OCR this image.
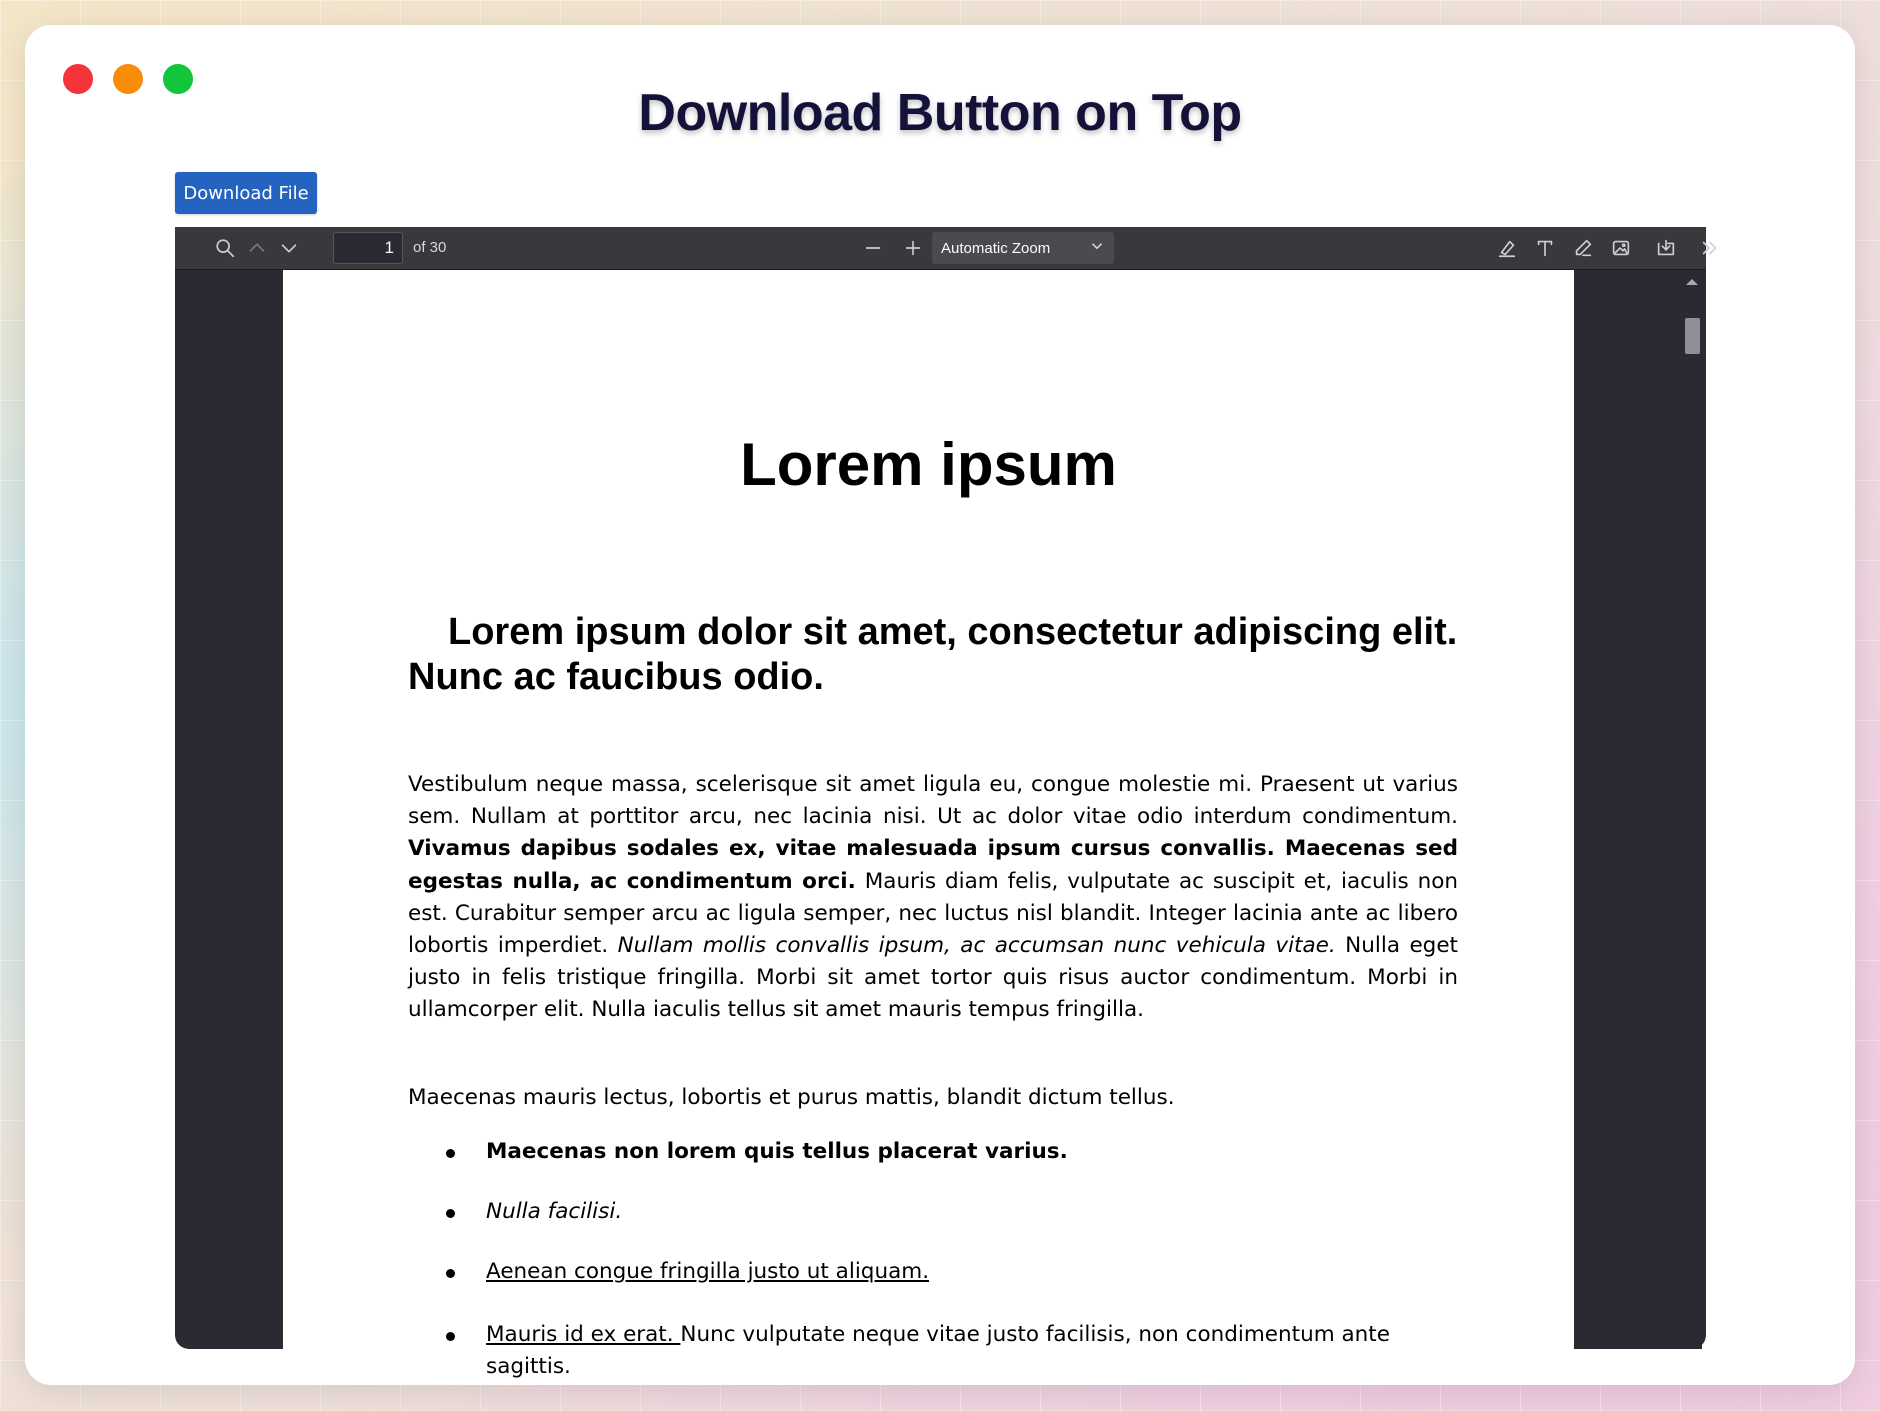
Download Button on Top
Download File
1
of 30	Automatic Zoom
Lorem ipsum
Lorem ipsum dolor sit amet, consectetur adipiscing elit. Nunc ac faucibus odio.
Vestibulum neque massa, scelerisque sit amet ligula eu, congue molestie mi. Praesent ut varius sem. Nullam at porttitor arcu, nec lacinia nisi. Ut ac dolor vitae odio interdum condimentum. Vivamus dapibus sodales ex, vitae malesuada ipsum cursus convallis. Maecenas sed egestas nulla, ac condimentum orci. Mauris diam felis, vulputate ac suscipit et, iaculis non est. Curabitur semper arcu ac ligula semper, nec luctus nisl blandit. Integer lacinia ante ac libero lobortis imperdiet. Nullam mollis convallis ipsum, ac accumsan nunc vehicula vitae. Nulla eget justo in felis tristique fringilla. Morbi sit amet tortor quis risus auctor condimentum. Morbi in ullamcorper elit. Nulla iaculis tellus sit amet mauris tempus fringilla.
Maecenas mauris lectus, lobortis et purus mattis, blandit dictum tellus.
Maecenas non lorem quis tellus placerat varius.
Nulla facilisi.
Aenean congue fringilla justo ut aliquam.
Mauris id ex erat. Nunc vulputate neque vitae justo facilisis, non condimentum ante sagittis.
